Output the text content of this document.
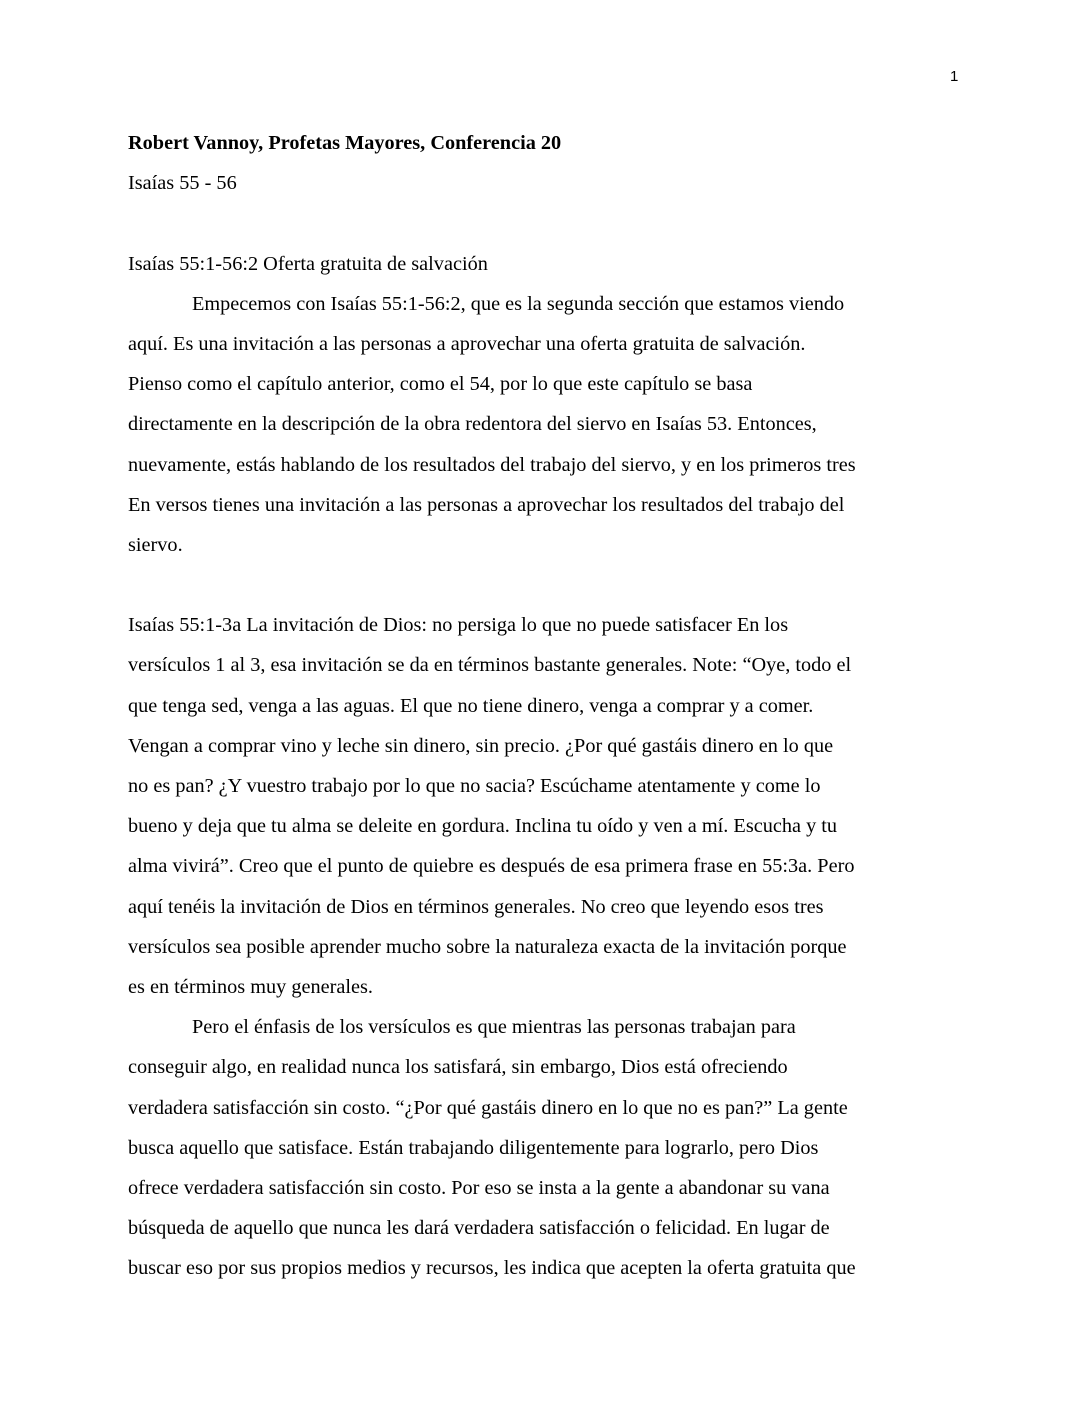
1
Robert Vannoy, Profetas Mayores, Conferencia 20
Isaías 55 - 56
Isaías 55:1-56:2 Oferta gratuita de salvación
Empecemos con Isaías 55:1-56:2, que es la segunda sección que estamos viendo
aquí. Es una invitación a las personas a aprovechar una oferta gratuita de salvación.
Pienso como el capítulo anterior, como el 54, por lo que este capítulo se basa
directamente en la descripción de la obra redentora del siervo en Isaías 53. Entonces,
nuevamente, estás hablando de los resultados del trabajo del siervo, y en los primeros tres
En versos tienes una invitación a las personas a aprovechar los resultados del trabajo del
siervo.
Isaías 55:1-3a La invitación de Dios: no persiga lo que no puede satisfacer En los
versículos 1 al 3, esa invitación se da en términos bastante generales. Note: “Oye, todo el
que tenga sed, venga a las aguas. El que no tiene dinero, venga a comprar y a comer.
Vengan a comprar vino y leche sin dinero, sin precio. ¿Por qué gastáis dinero en lo que
no es pan? ¿Y vuestro trabajo por lo que no sacia? Escúchame atentamente y come lo
bueno y deja que tu alma se deleite en gordura. Inclina tu oído y ven a mí. Escucha y tu
alma vivirá”. Creo que el punto de quiebre es después de esa primera frase en 55:3a. Pero
aquí tenéis la invitación de Dios en términos generales. No creo que leyendo esos tres
versículos sea posible aprender mucho sobre la naturaleza exacta de la invitación porque
es en términos muy generales.
Pero el énfasis de los versículos es que mientras las personas trabajan para
conseguir algo, en realidad nunca los satisfará, sin embargo, Dios está ofreciendo
verdadera satisfacción sin costo. “¿Por qué gastáis dinero en lo que no es pan?” La gente
busca aquello que satisface. Están trabajando diligentemente para lograrlo, pero Dios
ofrece verdadera satisfacción sin costo. Por eso se insta a la gente a abandonar su vana
búsqueda de aquello que nunca les dará verdadera satisfacción o felicidad. En lugar de
buscar eso por sus propios medios y recursos, les indica que acepten la oferta gratuita que
